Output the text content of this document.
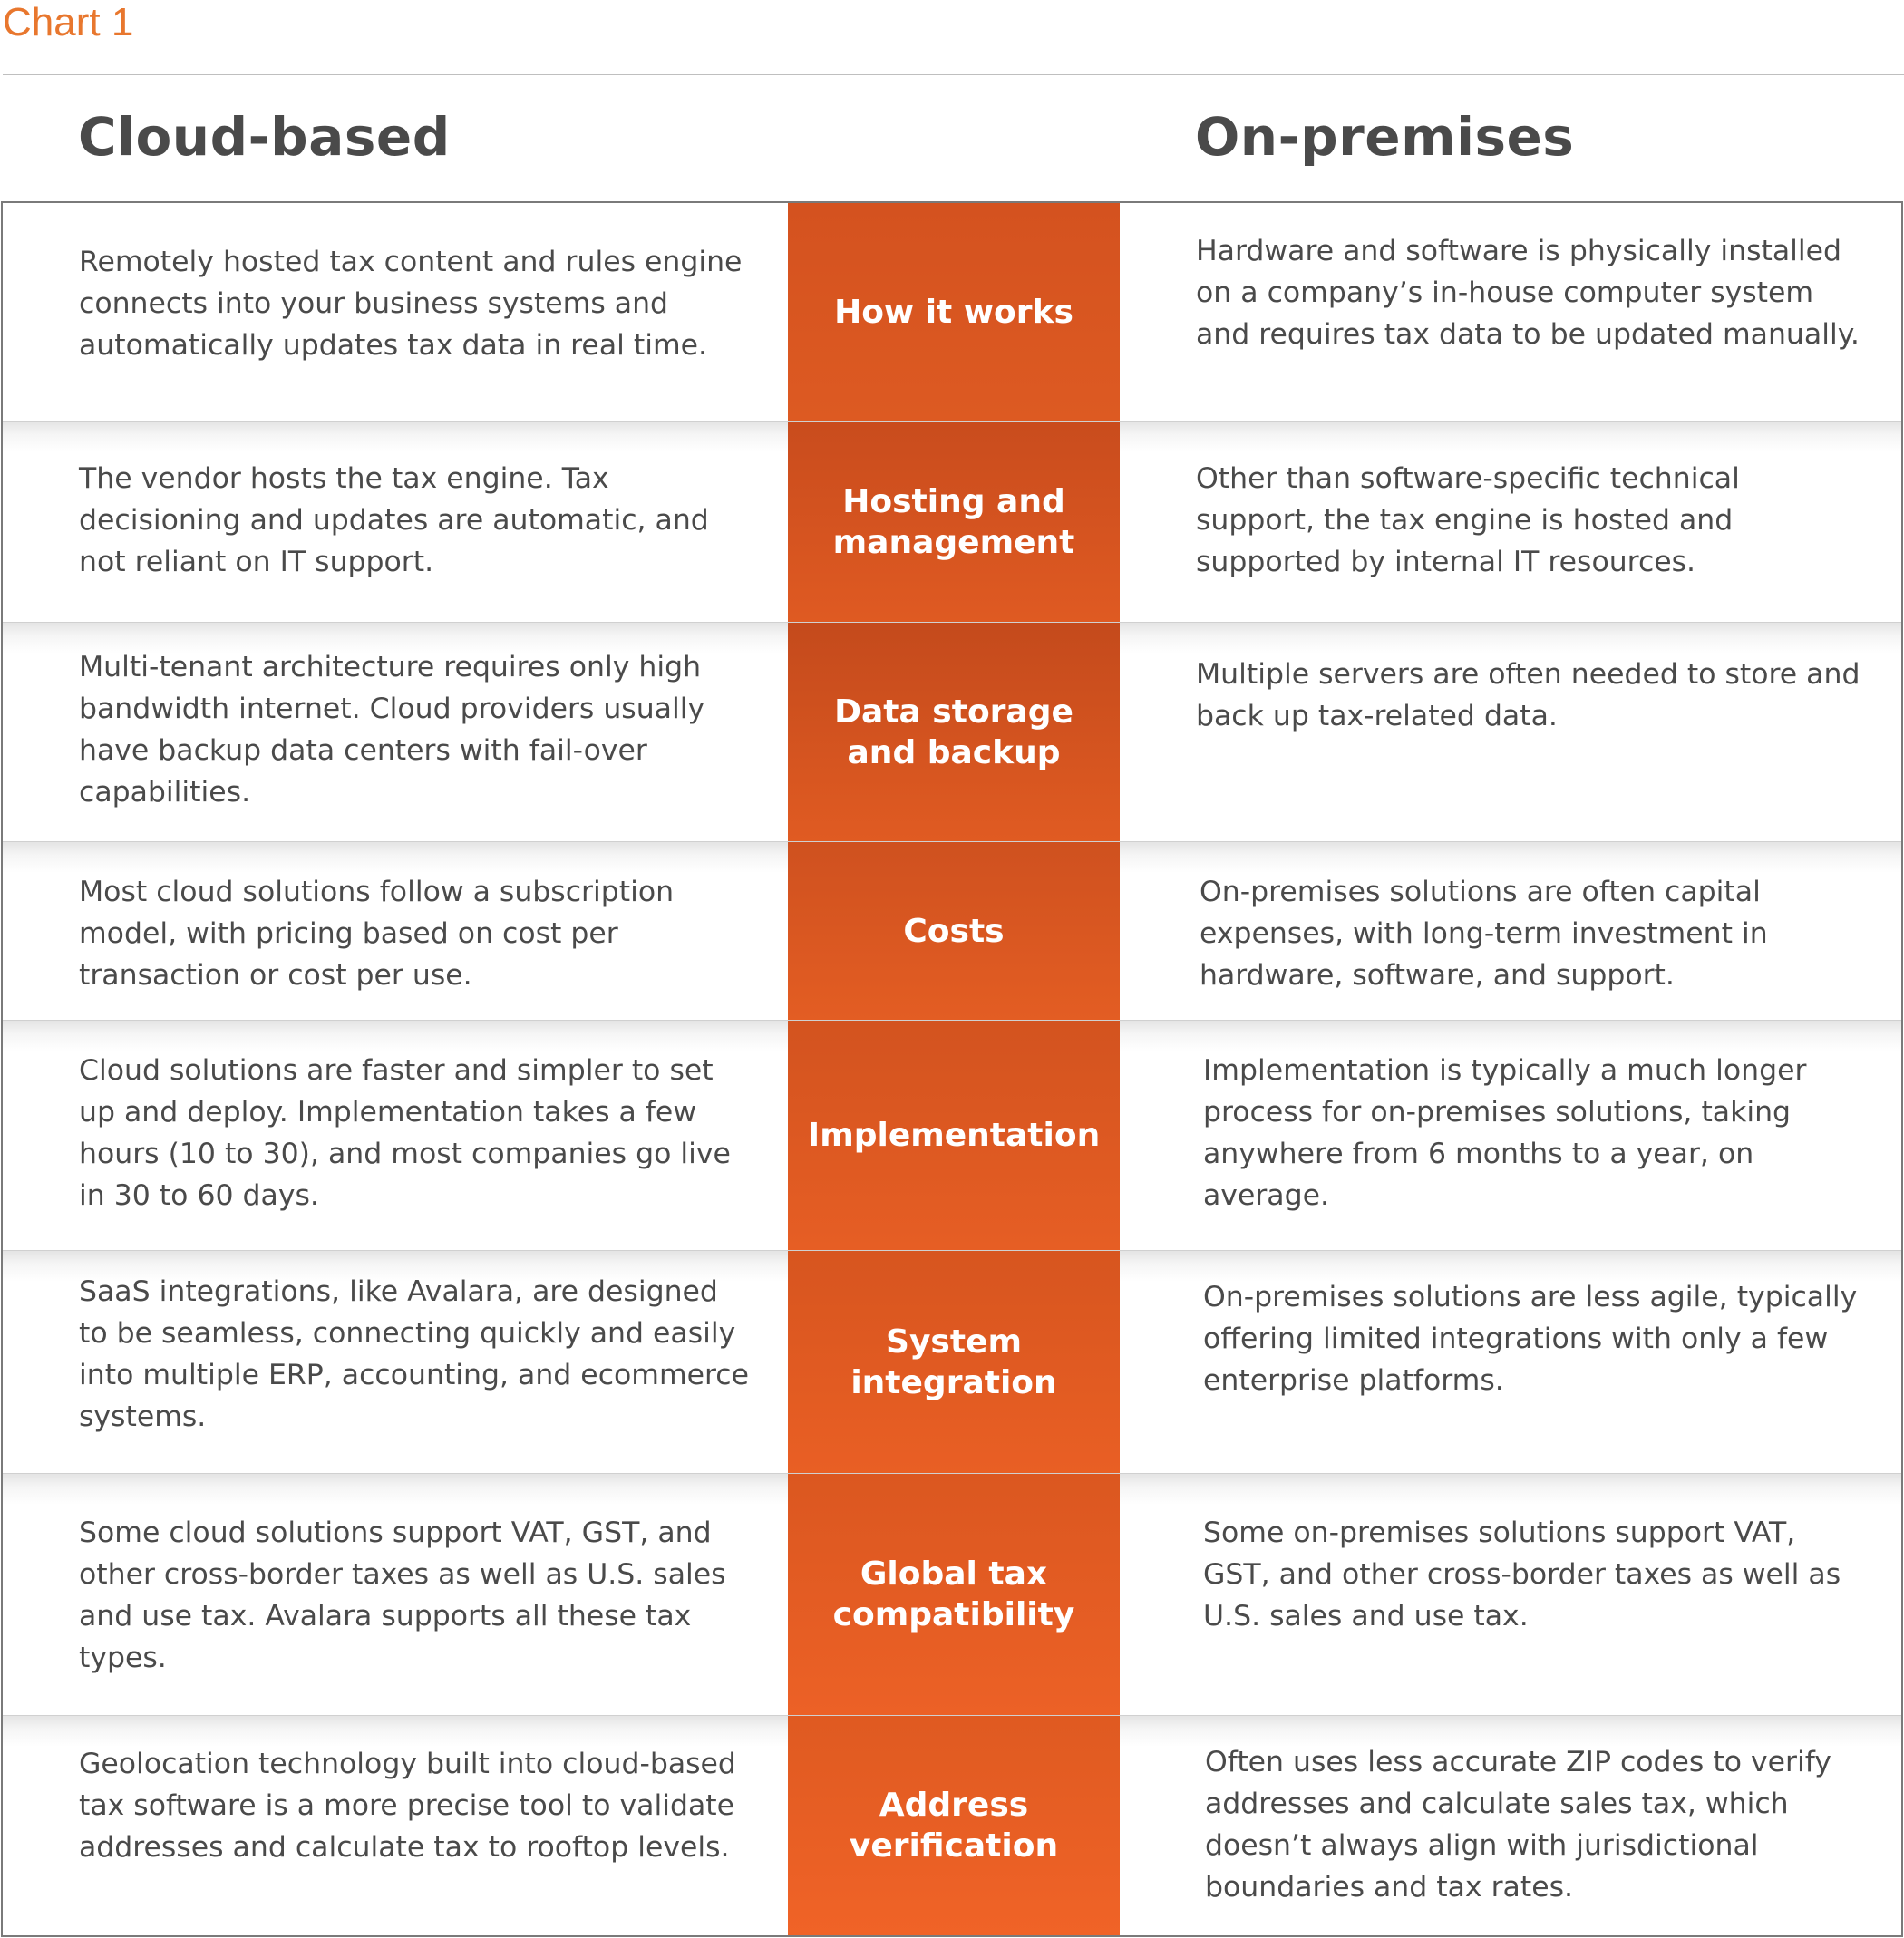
Chart 1
Cloud-based	On-premises
Remotely hosted tax content and rules engine connects into your business systems and automatically updates tax data in real time.
How it works
Hardware and software is physically installed on a company’s in-house computer system and requires tax data to be updated manually.
The vendor hosts the tax engine. Tax decisioning and updates are automatic, and not reliant on IT support.
Hosting and management
Other than software-specific technical support, the tax engine is hosted and supported by internal IT resources.
Multi-tenant architecture requires only high bandwidth internet. Cloud providers usually have backup data centers with fail-over capabilities.
Data storage and backup
Multiple servers are often needed to store and back up tax-related data.
Most cloud solutions follow a subscription model, with pricing based on cost per transaction or cost per use.
Costs
On-premises solutions are often capital expenses, with long-term investment in hardware, software, and support.
Cloud solutions are faster and simpler to set up and deploy. Implementation takes a few hours (10 to 30), and most companies go live in 30 to 60 days.
Implementation
Implementation is typically a much longer process for on-premises solutions, taking anywhere from 6 months to a year, on average.
SaaS integrations, like Avalara, are designed to be seamless, connecting quickly and easily into multiple ERP, accounting, and ecommerce systems.
System integration
On-premises solutions are less agile, typically offering limited integrations with only a few enterprise platforms.
Some cloud solutions support VAT, GST, and other cross-border taxes as well as U.S. sales and use tax. Avalara supports all these tax types.
Global tax compatibility
Some on-premises solutions support VAT, GST, and other cross-border taxes as well as U.S. sales and use tax.
Geolocation technology built into cloud-based tax software is a more precise tool to validate addresses and calculate tax to rooftop levels.
Address verification
Often uses less accurate ZIP codes to verify addresses and calculate sales tax, which doesn’t always align with jurisdictional boundaries and tax rates.
